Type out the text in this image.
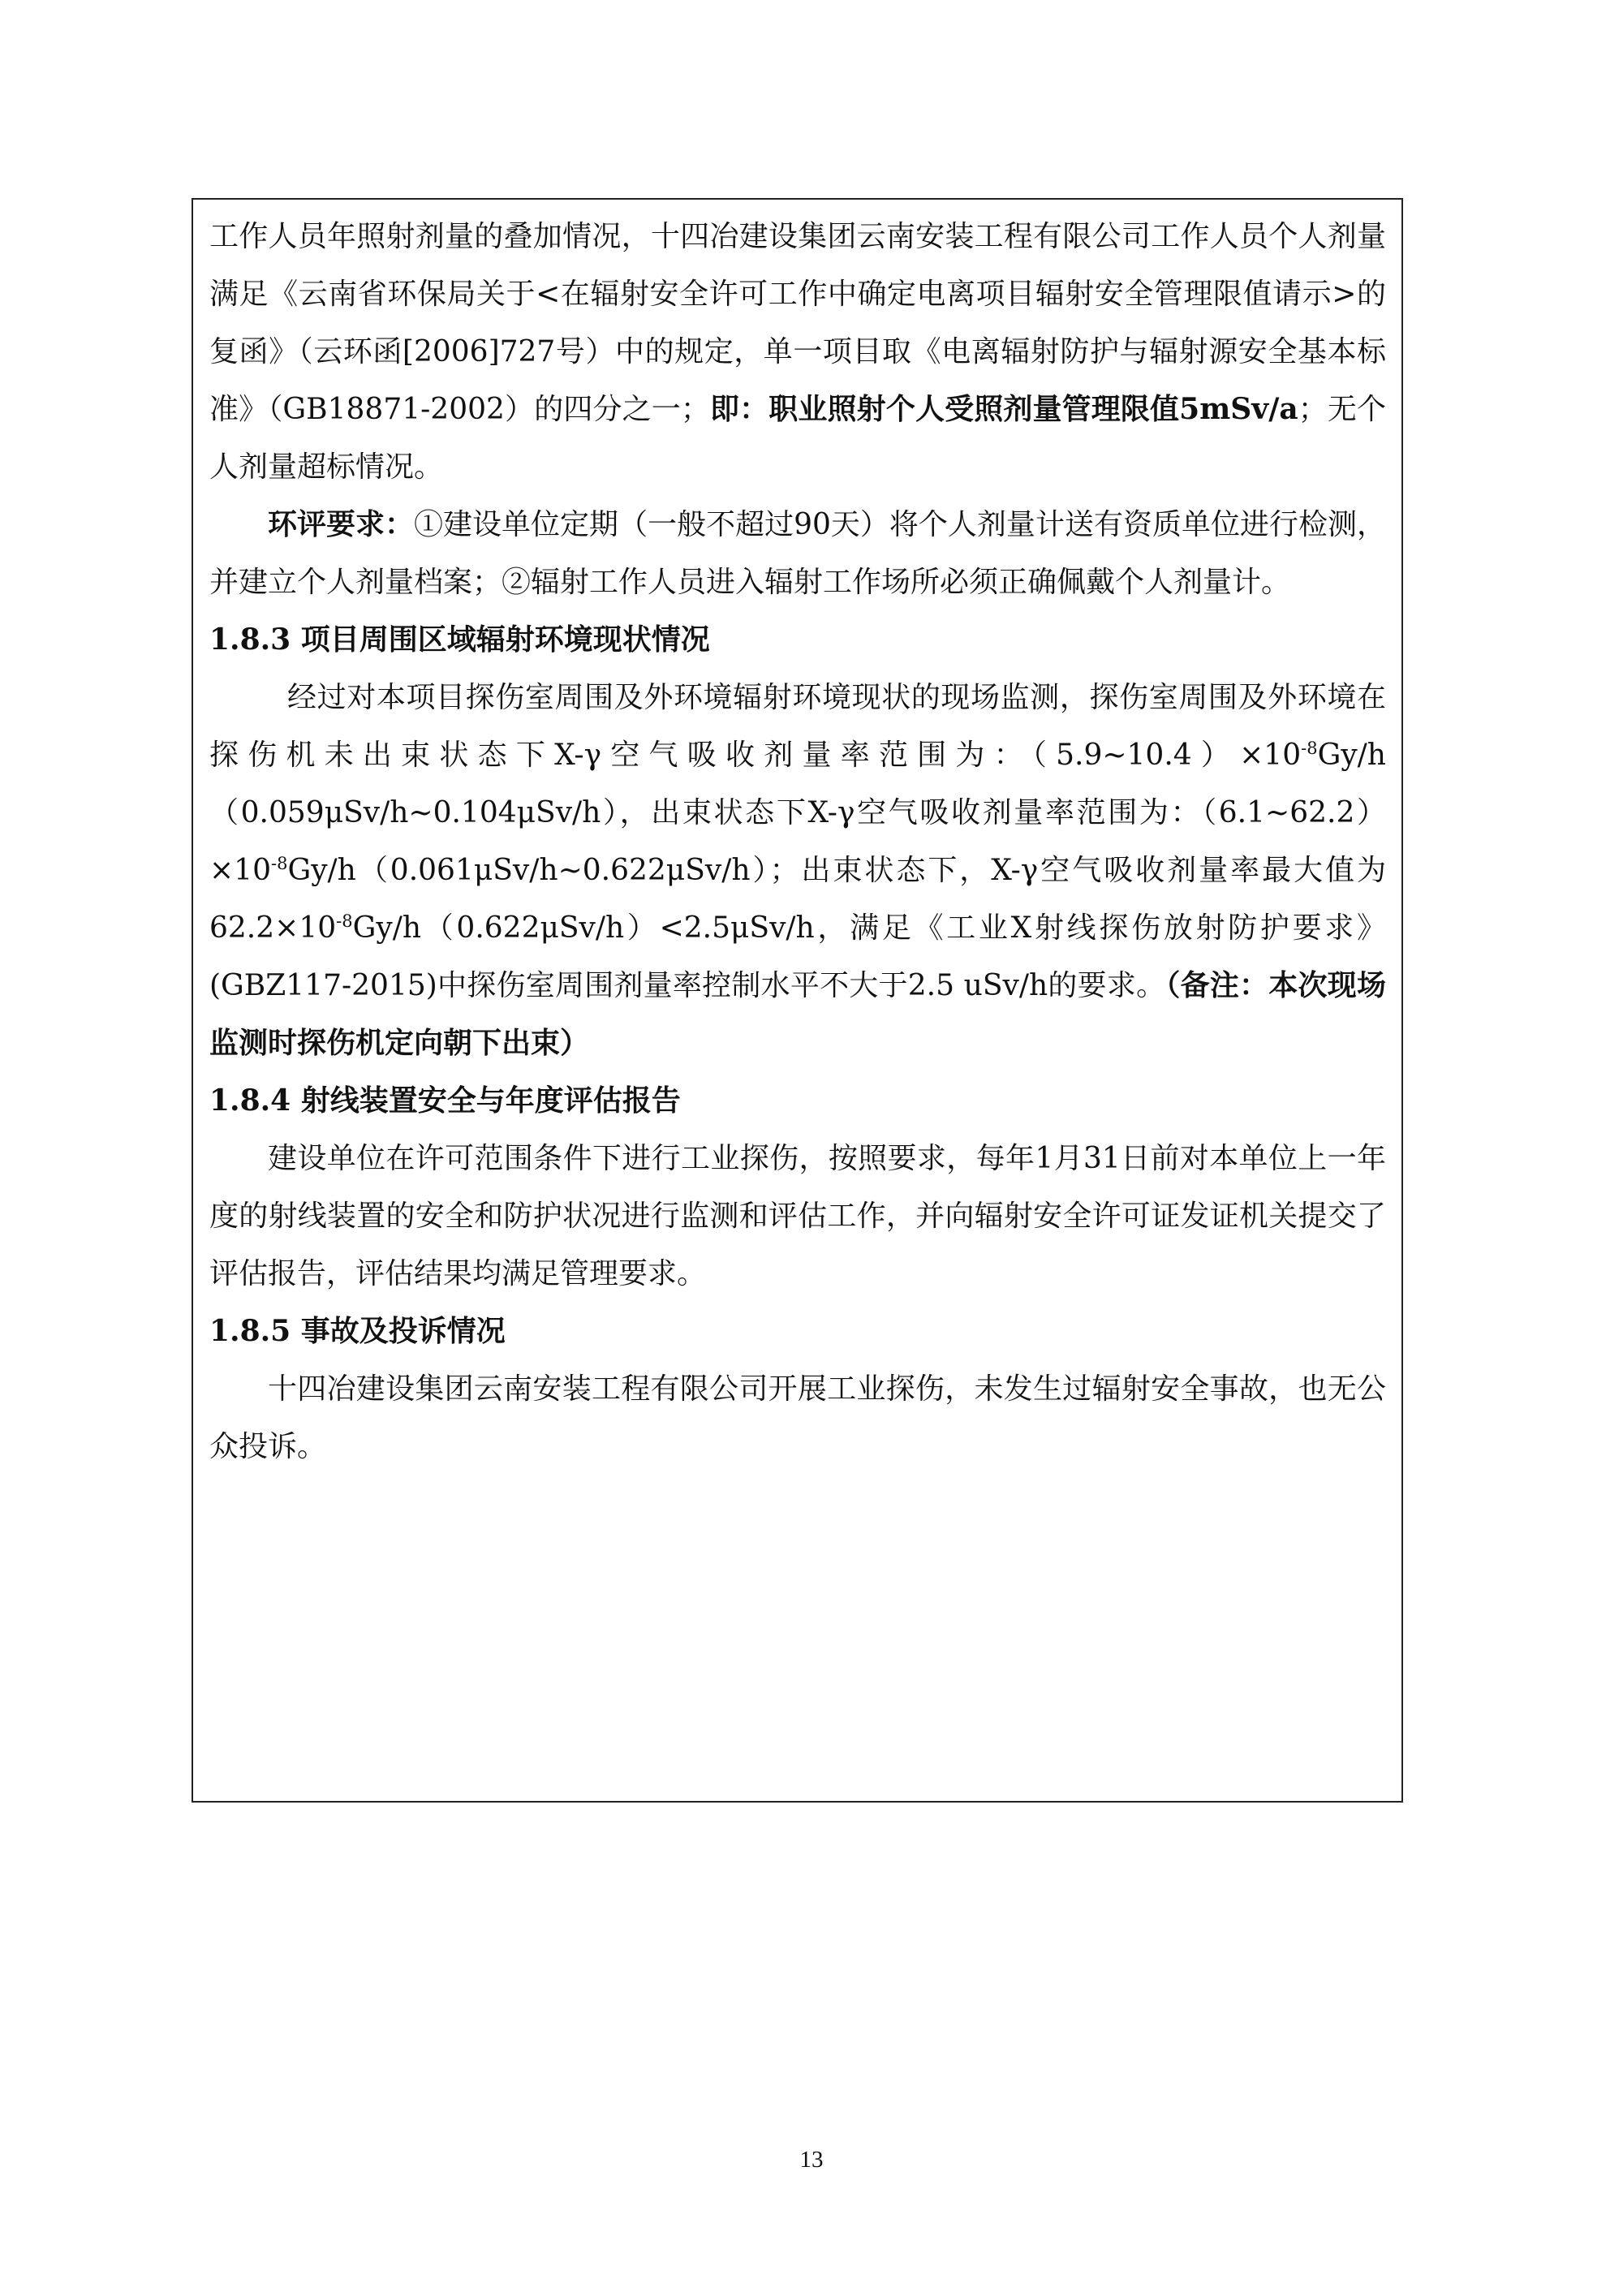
工作人员年照射剂量的叠加情况，十四冶建设集团云南安装工程有限公司工作人员个人剂量满足《云南省环保局关于<在辐射安全许可工作中确定电离项目辐射安全管理限值请示>的复函》（云环函[2006]727号）中的规定，单一项目取《电离辐射防护与辐射源安全基本标准》（GB18871-2002）的四分之一；即：职业照射个人受照剂量管理限值5mSv/a；无个人剂量超标情况。

环评要求：①建设单位定期（一般不超过90天）将个人剂量计送有资质单位进行检测，并建立个人剂量档案；②辐射工作人员进入辐射工作场所必须正确佩戴个人剂量计。

1.8.3 项目周围区域辐射环境现状情况

经过对本项目探伤室周围及外环境辐射环境现状的现场监测，探伤室周围及外环境在探伤机未出束状态下X-γ空气吸收剂量率范围为：$(5.9\sim 10.4)\times 10^{-8}Gy/h(0.059\mu Sv/h\sim 0.104\mu Sv/h)$，出束状态下X-γ空气吸收剂量率范围为：$(6.1\sim 62.2)\times 10^{-8}Gy/h(0.061\mu Sv/h\sim 0.622\mu Sv/h)$；出束状态下，X-γ空气吸收剂量率最大值为$62.2\times 10^{-8}Gy/h(0.622\mu Sv/h)<2.5\mu Sv/h$，满足《工业X射线探伤放射防护要求》(GBZ117-2015)中探伤室周围剂量率控制水平不大于2.5 uSv/h的要求。（备注：本次现场监测时探伤机定向朝下出束）

1.8.4 射线装置安全与年度评估报告

建设单位在许可范围条件下进行工业探伤，按照要求，每年1月31日前对本单位上一年度的射线装置的安全和防护状况进行监测和评估工作，并向辐射安全许可证发证机关提交了评估报告，评估结果均满足管理要求。

1.8.5 事故及投诉情况

十四冶建设集团云南安装工程有限公司开展工业探伤，未发生过辐射安全事故，也无公众投诉。

13
